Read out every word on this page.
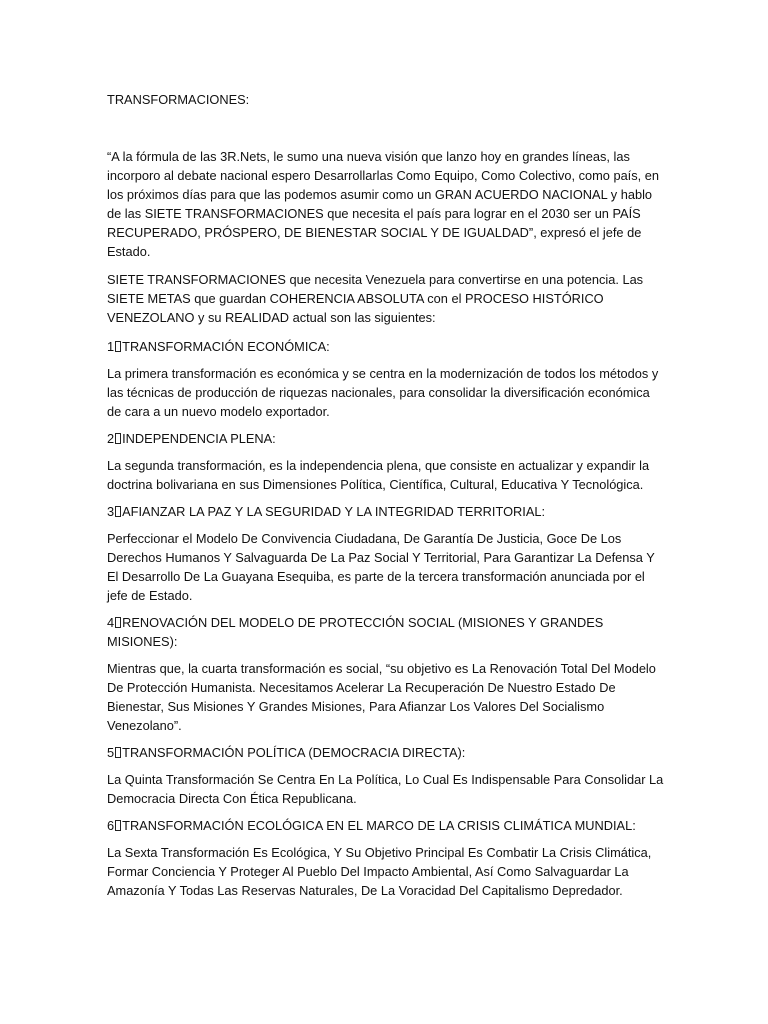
TRANSFORMACIONES:

“A la fórmula de las 3R.Nets, le sumo una nueva visión que lanzo hoy en grandes líneas, las incorporo al debate nacional espero Desarrollarlas Como Equipo, Como Colectivo, como país, en los próximos días para que las podemos asumir como un GRAN ACUERDO NACIONAL y hablo de las SIETE TRANSFORMACIONES que necesita el país para lograr en el 2030 ser un PAÍS RECUPERADO, PRÓSPERO, DE BIENESTAR SOCIAL Y DE IGUALDAD”, expresó el jefe de Estado.

SIETE TRANSFORMACIONES que necesita Venezuela para convertirse en una potencia. Las SIETE METAS que guardan COHERENCIA ABSOLUTA con el PROCESO HISTÓRICO VENEZOLANO y su REALIDAD actual son las siguientes:

1 TRANSFORMACIÓN ECONÓMICA:

La primera transformación es económica y se centra en la modernización de todos los métodos y las técnicas de producción de riquezas nacionales, para consolidar la diversificación económica de cara a un nuevo modelo exportador.

2 INDEPENDENCIA PLENA:

La segunda transformación, es la independencia plena, que consiste en actualizar y expandir la doctrina bolivariana en sus Dimensiones Política, Científica, Cultural, Educativa Y Tecnológica.

3 AFIANZAR LA PAZ Y LA SEGURIDAD Y LA INTEGRIDAD TERRITORIAL:

Perfeccionar el Modelo De Convivencia Ciudadana, De Garantía De Justicia, Goce De Los Derechos Humanos Y Salvaguarda De La Paz Social Y Territorial, Para Garantizar La Defensa Y El Desarrollo De La Guayana Esequiba, es parte de la tercera transformación anunciada por el jefe de Estado.

4 RENOVACIÓN DEL MODELO DE PROTECCIÓN SOCIAL (MISIONES Y GRANDES MISIONES):

Mientras que, la cuarta transformación es social, “su objetivo es La Renovación Total Del Modelo De Protección Humanista. Necesitamos Acelerar La Recuperación De Nuestro Estado De Bienestar, Sus Misiones Y Grandes Misiones, Para Afianzar Los Valores Del Socialismo Venezolano”.

5 TRANSFORMACIÓN POLÍTICA (DEMOCRACIA DIRECTA):

La Quinta Transformación Se Centra En La Política, Lo Cual Es Indispensable Para Consolidar La Democracia Directa Con Ética Republicana.

6 TRANSFORMACIÓN ECOLÓGICA EN EL MARCO DE LA CRISIS CLIMÁTICA MUNDIAL:

La Sexta Transformación Es Ecológica, Y Su Objetivo Principal Es Combatir La Crisis Climática, Formar Conciencia Y Proteger Al Pueblo Del Impacto Ambiental, Así Como Salvaguardar La Amazonía Y Todas Las Reservas Naturales, De La Voracidad Del Capitalismo Depredador.
